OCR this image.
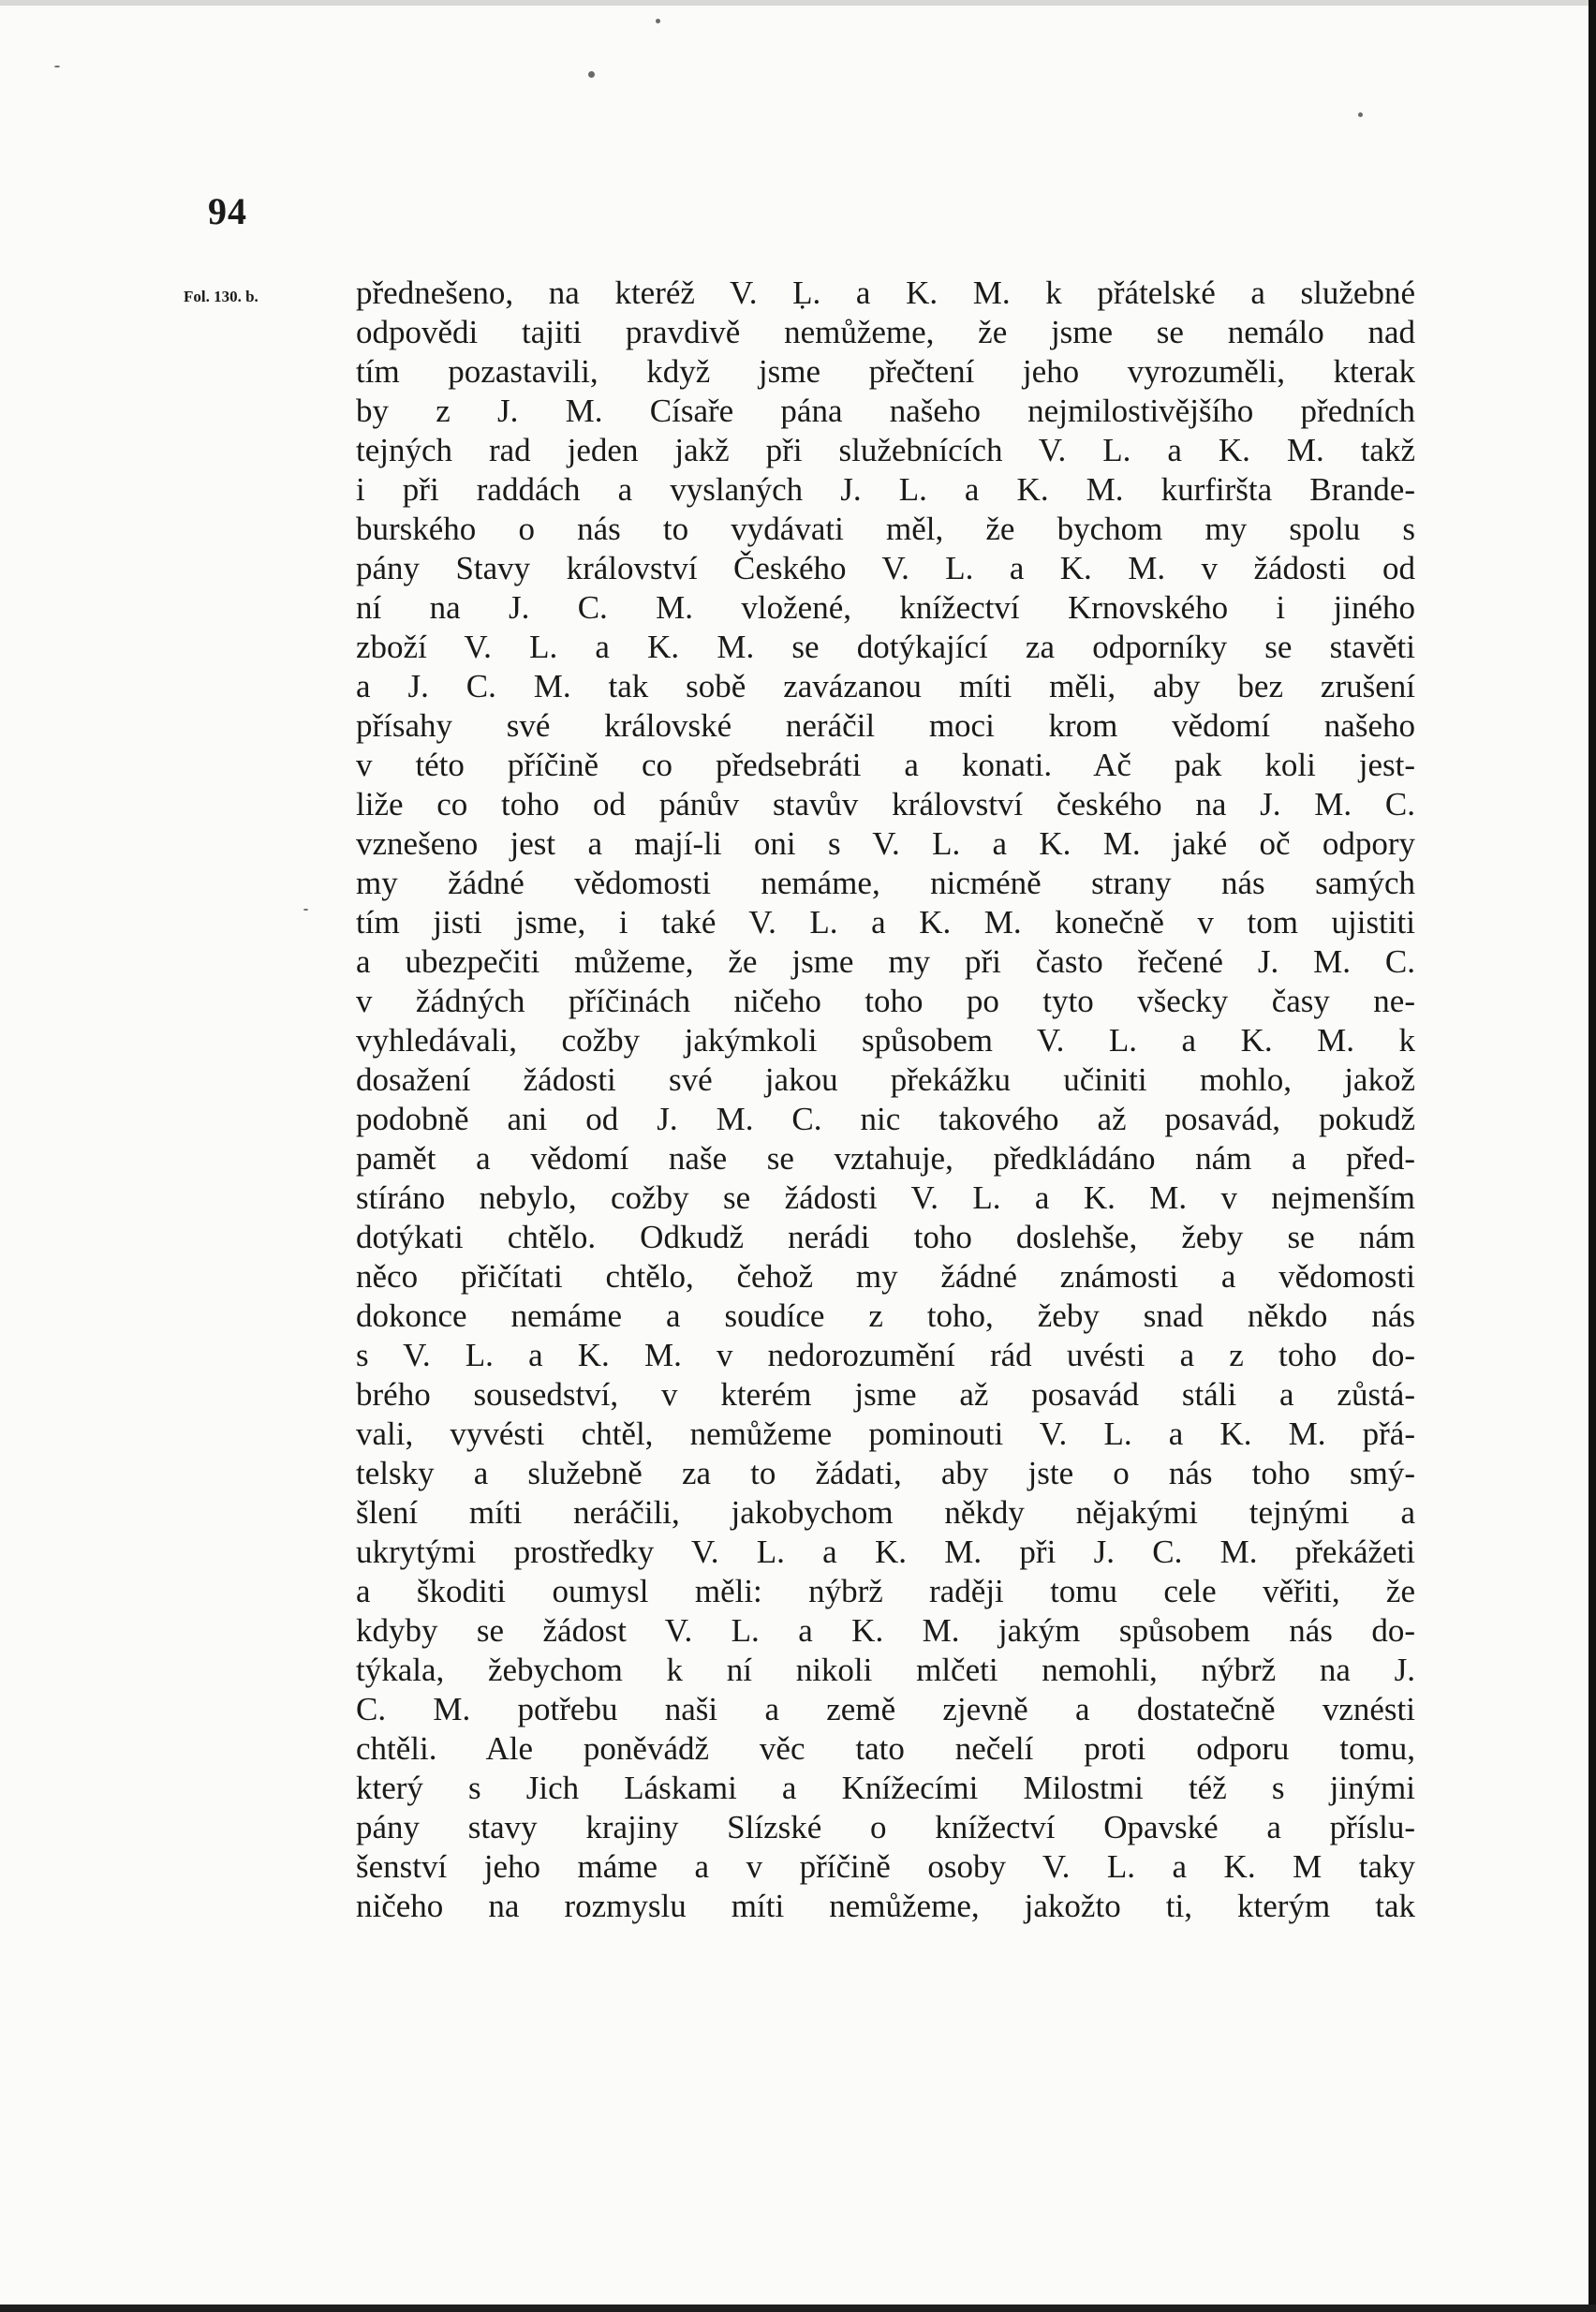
94
Fol. 130. b.	přednešeno, na kteréž V. Ḷ. a K. M. k přátelské a služebné
odpovědi tajiti pravdivě nemůžeme, že jsme se nemálo nad
tím pozastavili, když jsme přečtení jeho vyrozuměli, kterak
by z J. M. Císaře pána našeho nejmilostivějšího předních
tejných rad jeden jakž při služebnících V. L. a K. M. takž
i při raddách a vyslaných J. L. a K. M. kurfiršta Brande-
burského o nás to vydávati měl, že bychom my spolu s
pány Stavy království Českého V. L. a K. M. v žádosti od
ní na J. C. M. vložené, knížectví Krnovského i jiného
zboží V. L. a K. M. se dotýkající za odporníky se stavěti
a J. C. M. tak sobě zavázanou míti měli, aby bez zrušení
přísahy své královské neráčil moci krom vědomí našeho
v této příčině co předsebráti a konati. Ač pak koli jest-
liže co toho od pánův stavův království českého na J. M. C.
vznešeno jest a mají-li oni s V. L. a K. M. jaké oč odpory
my žádné vědomosti nemáme, nicméně strany nás samých
tím jisti jsme, i také V. L. a K. M. konečně v tom ujistiti
a ubezpečiti můžeme, že jsme my při často řečené J. M. C.
v žádných příčinách ničeho toho po tyto všecky časy ne-
vyhledávali, cožby jakýmkoli spůsobem V. L. a K. M. k
dosažení žádosti své jakou překážku učiniti mohlo, jakož
podobně ani od J. M. C. nic takového až posavád, pokudž
pamět a vědomí naše se vztahuje, předkládáno nám a před-
stíráno nebylo, cožby se žádosti V. L. a K. M. v nejmenším
dotýkati chtělo. Odkudž nerádi toho doslehše, žeby se nám
něco přičítati chtělo, čehož my žádné známosti a vědomosti
dokonce nemáme a soudíce z toho, žeby snad někdo nás
s V. L. a K. M. v nedorozumění rád uvésti a z toho do-
brého sousedství, v kterém jsme až posavád stáli a zůstá-
vali, vyvésti chtěl, nemůžeme pominouti V. L. a K. M. přá-
telsky a služebně za to žádati, aby jste o nás toho smý-
šlení míti neráčili, jakobychom někdy nějakými tejnými a
ukrytými prostředky V. L. a K. M. při J. C. M. překážeti
a škoditi oumysl měli: nýbrž raději tomu cele věřiti, že
kdyby se žádost V. L. a K. M. jakým spůsobem nás do-
týkala, žebychom k ní nikoli mlčeti nemohli, nýbrž na J.
C. M. potřebu naši a země zjevně a dostatečně vznésti
chtěli. Ale poněvádž věc tato nečelí proti odporu tomu,
který s Jich Láskami a Knížecími Milostmi též s jinými
pány stavy krajiny Slízské o knížectví Opavské a příslu-
šenství jeho máme a v příčině osoby V. L. a K. M taky
ničeho na rozmyslu míti nemůžeme, jakožto ti, kterým tak
